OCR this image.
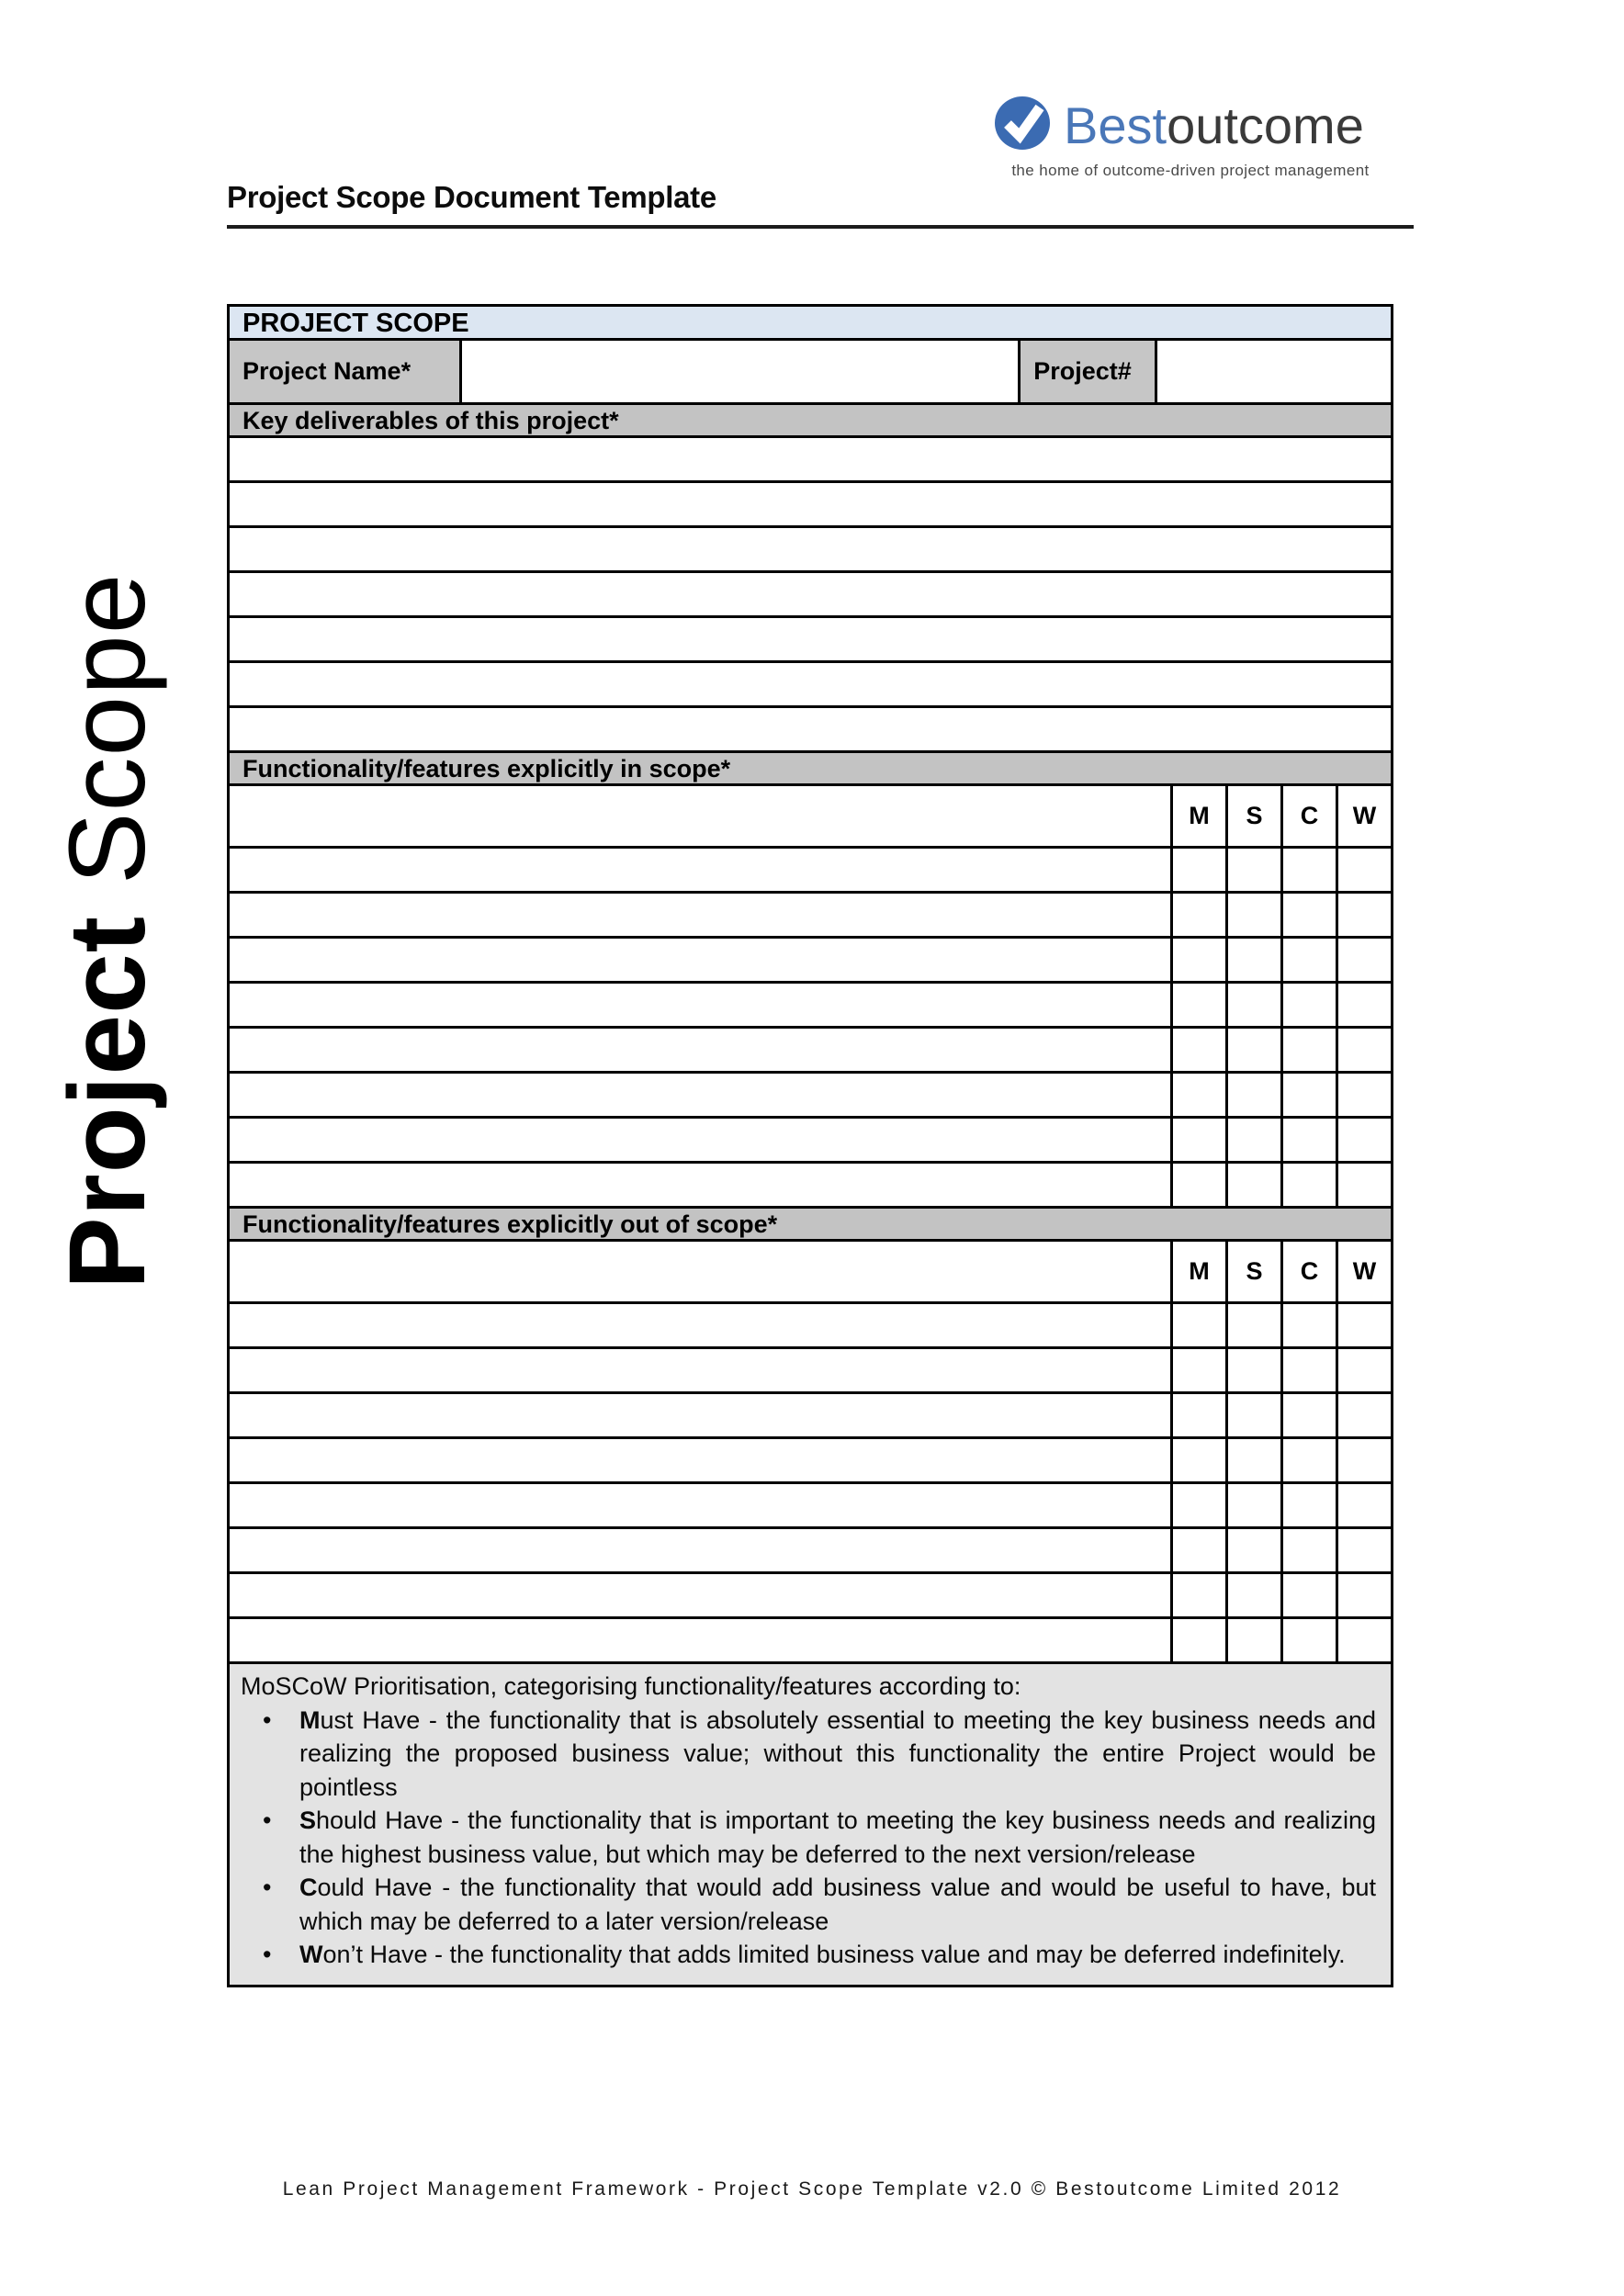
Project Scope Document Template
Bestoutcome
the home of outcome-driven project management
Project Scope
PROJECT SCOPE
Project Name*	Project#
Key deliverables of this project*
Functionality/features explicitly in scope*
M	S	C	W
Functionality/features explicitly out of scope*
M	S	C	W
MoSCoW Prioritisation, categorising functionality/features according to:
• Must Have - the functionality that is absolutely essential to meeting the key business needs and realizing the proposed business value; without this functionality the entire Project would be pointless
• Should Have - the functionality that is important to meeting the key business needs and realizing the highest business value, but which may be deferred to the next version/release
• Could Have - the functionality that would add business value and would be useful to have, but which may be deferred to a later version/release
• Won’t Have - the functionality that adds limited business value and may be deferred indefinitely.
Lean Project Management Framework - Project Scope Template v2.0 © Bestoutcome Limited 2012
